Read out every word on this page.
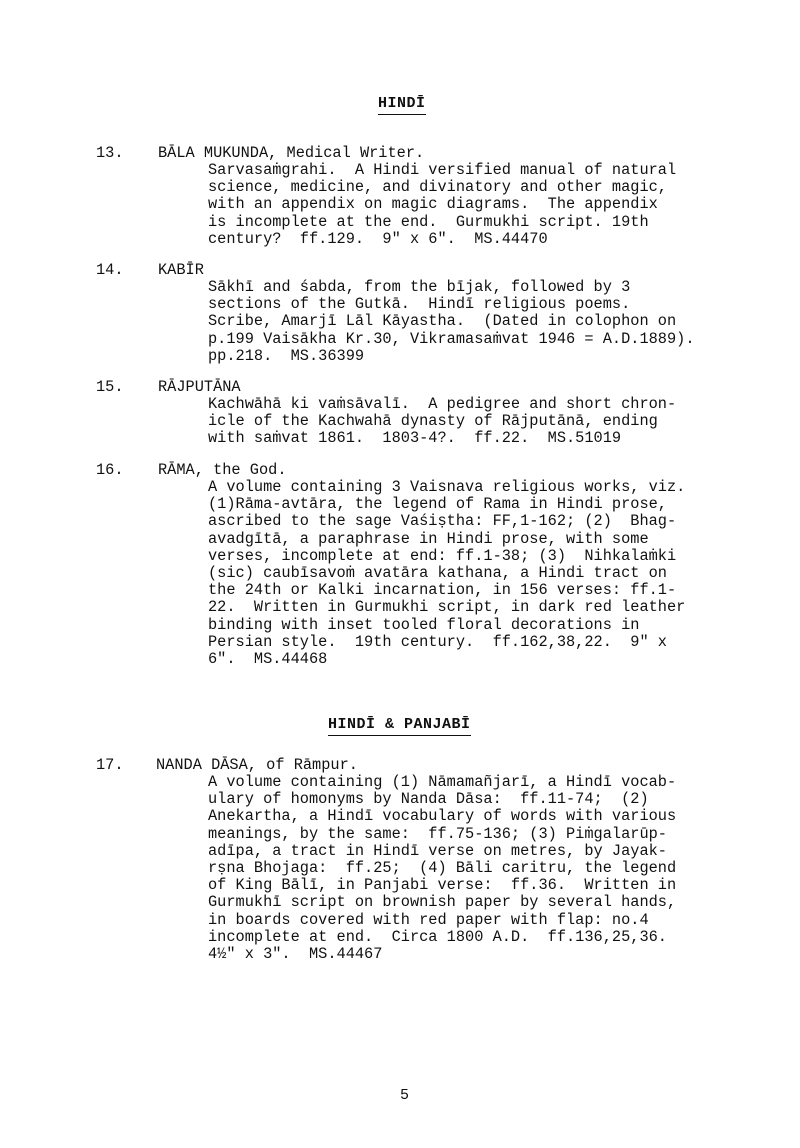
HINDĪ
13. BĀLA MUKUNDA, Medical Writer.
Sarvasaṁgrahi.  A Hindi versified manual of natural
science, medicine, and divinatory and other magic,
with an appendix on magic diagrams.  The appendix
is incomplete at the end.  Gurmukhi script. 19th
century?  ff.129.  9" x 6".  MS.44470
14. KABĪR
Sākhī and śabda, from the bījak, followed by 3
sections of the Gutkā.  Hindī religious poems.
Scribe, Amarjī Lāl Kāyastha.  (Dated in colophon on
p.199 Vaisākha Kr.30, Vikramasaṁvat 1946 = A.D.1889).
pp.218.  MS.36399
15. RĀJPUTĀNA
Kachwāhā ki vaṁsāvalī.  A pedigree and short chron-
icle of the Kachwahā dynasty of Rājputānā, ending
with saṁvat 1861.  1803-4?.  ff.22.  MS.51019
16. RĀMA, the God.
A volume containing 3 Vaisnava religious works, viz.
(1)Rāma-avtāra, the legend of Rama in Hindi prose,
ascribed to the sage Vaśiṣtha: FF,1-162; (2)  Bhag-
avadgītā, a paraphrase in Hindi prose, with some
verses, incomplete at end: ff.1-38; (3)  Nihkalaṁki
(sic) caubīsavoṁ avatāra kathana, a Hindi tract on
the 24th or Kalki incarnation, in 156 verses: ff.1-
22.  Written in Gurmukhi script, in dark red leather
binding with inset tooled floral decorations in
Persian style.  19th century.  ff.162,38,22.  9" x
6".  MS.44468
HINDĪ & PANJABĪ
17. NANDA DĀSA, of Rāmpur.
A volume containing (1) Nāmamañjarī, a Hindī vocab-
ulary of homonyms by Nanda Dāsa:  ff.11-74;  (2)
Anekartha, a Hindī vocabulary of words with various
meanings, by the same:  ff.75-136; (3) Piṁgalarūp-
adīpa, a tract in Hindī verse on metres, by Jayak-
rṣna Bhojaga:  ff.25;  (4) Bāli caritru, the legend
of King Bālī, in Panjabi verse:  ff.36.  Written in
Gurmukhī script on brownish paper by several hands,
in boards covered with red paper with flap: no.4
incomplete at end.  Circa 1800 A.D.  ff.136,25,36.
4½" x 3".  MS.44467
5
